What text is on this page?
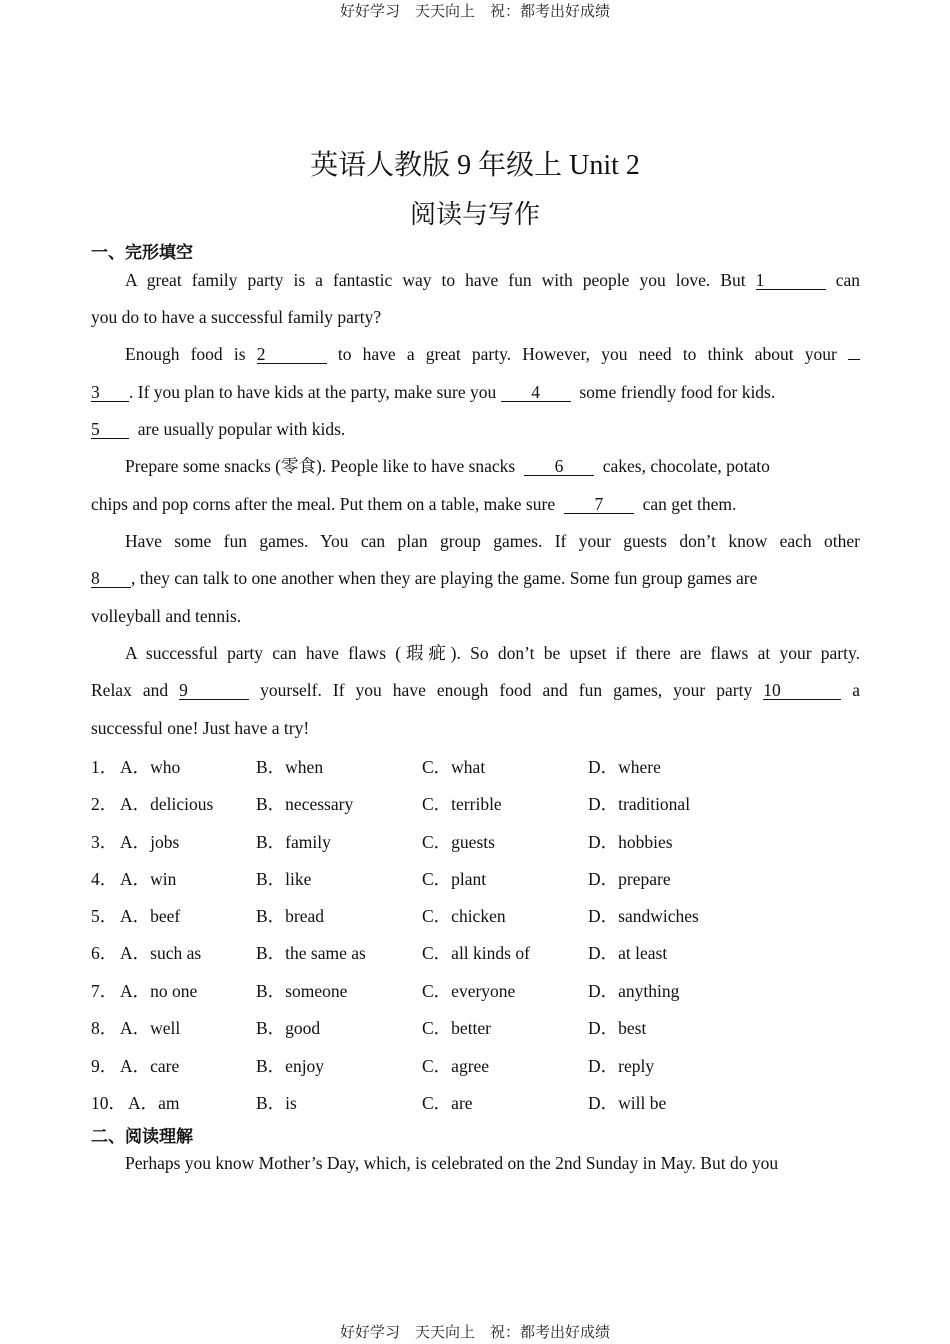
好好学习　天天向上　祝：都考出好成绩
英语人教版 9 年级上 Unit 2
阅读与写作
一、完形填空
A great family party is a fantastic way to have fun with people you love. But 1	can
you do to have a successful family party?
Enough food is 2	to have a great party. However, you need to think about your
3 . If you plan to have kids at the party, make sure you 4 some friendly food for kids.
5 are usually popular with kids.
Prepare some snacks (零食). People like to have snacks 6 cakes, chocolate, potato
chips and pop corns after the meal. Put them on a table, make sure 7 can get them.
Have some fun games. You can plan group games. If your guests don’t know each other
8 , they can talk to one another when they are playing the game. Some fun group games are
volleyball and tennis.
A successful party can have flaws (瑕疵). So don’t be upset if there are flaws at your party.
Relax and 9	yourself. If you have enough food and fun games, your party 10	a
successful one! Just have a try!
1． A．who	B．when	C．what	D．where
2． A．delicious B．necessary	C．terrible	D．traditional
3． A．jobs	B．family	C．guests	D．hobbies
4． A．win	B．like	C．plant	D．prepare
5． A．beef	B．bread	C．chicken	D．sandwiches
6． A．such as	B．the same as	C．all kinds of	D．at least
7． A．no one	B．someone	C．everyone	D．anything
8． A．well	B．good	C．better	D．best
9． A．care	B．enjoy	C．agree	D．reply
10． A．am	B．is	C．are	D．will be
二、阅读理解
Perhaps you know Mother’s Day, which, is celebrated on the 2nd Sunday in May. But do you
好好学习　天天向上　祝：都考出好成绩
